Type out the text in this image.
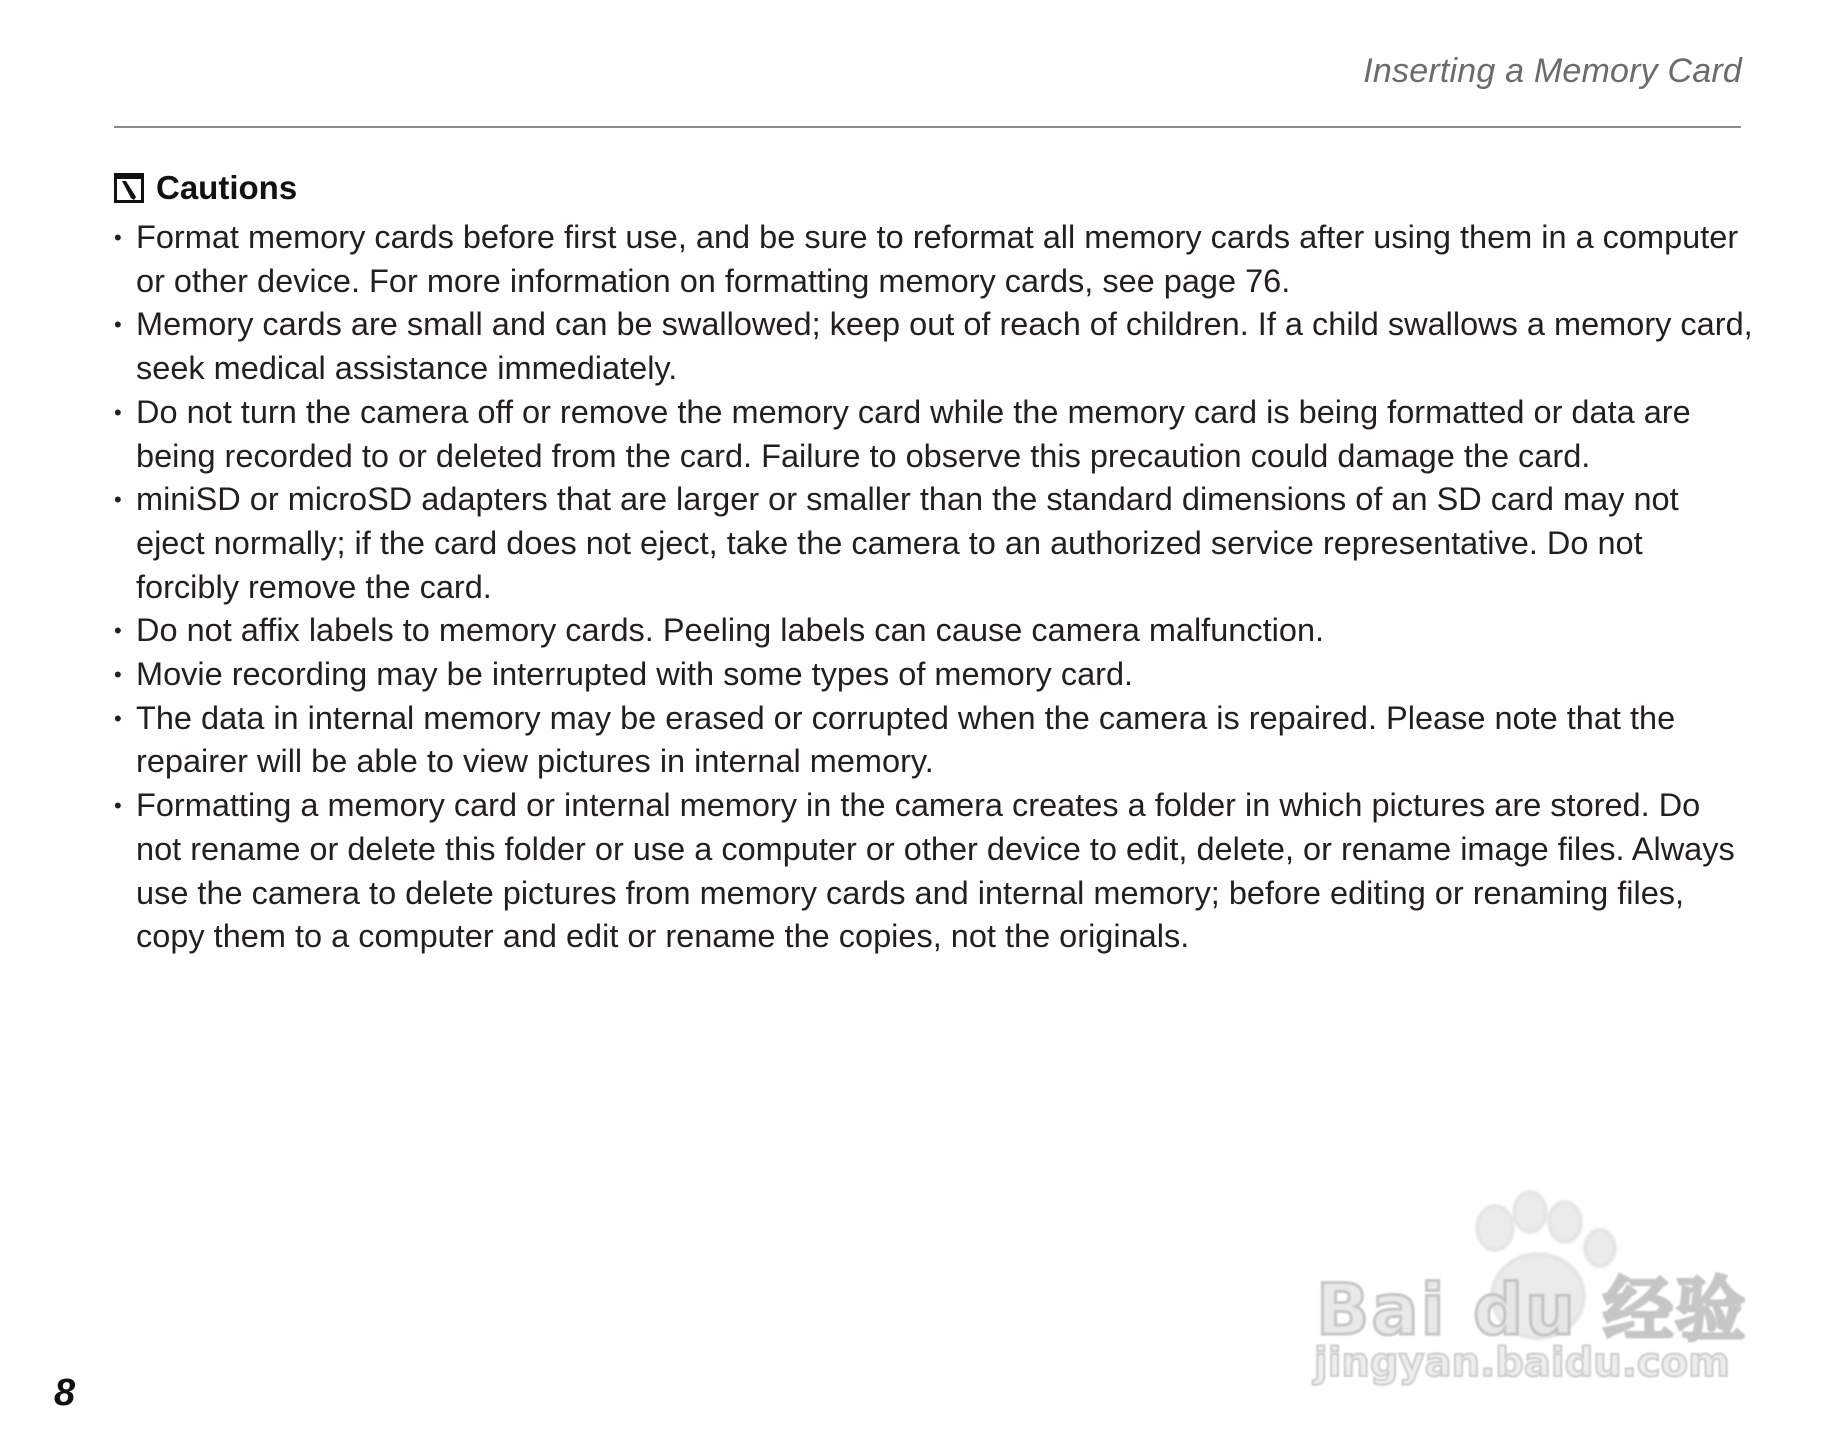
Inserting a Memory Card
Cautions
• Format memory cards before first use, and be sure to reformat all memory cards after using them in a computer or other device. For more information on formatting memory cards, see page 76.
• Memory cards are small and can be swallowed; keep out of reach of children. If a child swallows a memory card, seek medical assistance immediately.
• Do not turn the camera off or remove the memory card while the memory card is being formatted or data are being recorded to or deleted from the card. Failure to observe this precaution could damage the card.
• miniSD or microSD adapters that are larger or smaller than the standard dimensions of an SD card may not eject normally; if the card does not eject, take the camera to an authorized service representative. Do not forcibly remove the card.
• Do not affix labels to memory cards. Peeling labels can cause camera malfunction.
• Movie recording may be interrupted with some types of memory card.
• The data in internal memory may be erased or corrupted when the camera is repaired. Please note that the repairer will be able to view pictures in internal memory.
• Formatting a memory card or internal memory in the camera creates a folder in which pictures are stored. Do not rename or delete this folder or use a computer or other device to edit, delete, or rename image files. Always use the camera to delete pictures from memory cards and internal memory; before editing or renaming files, copy them to a computer and edit or rename the copies, not the originals.
8
Bai du 经验
jingyan.baidu.com
